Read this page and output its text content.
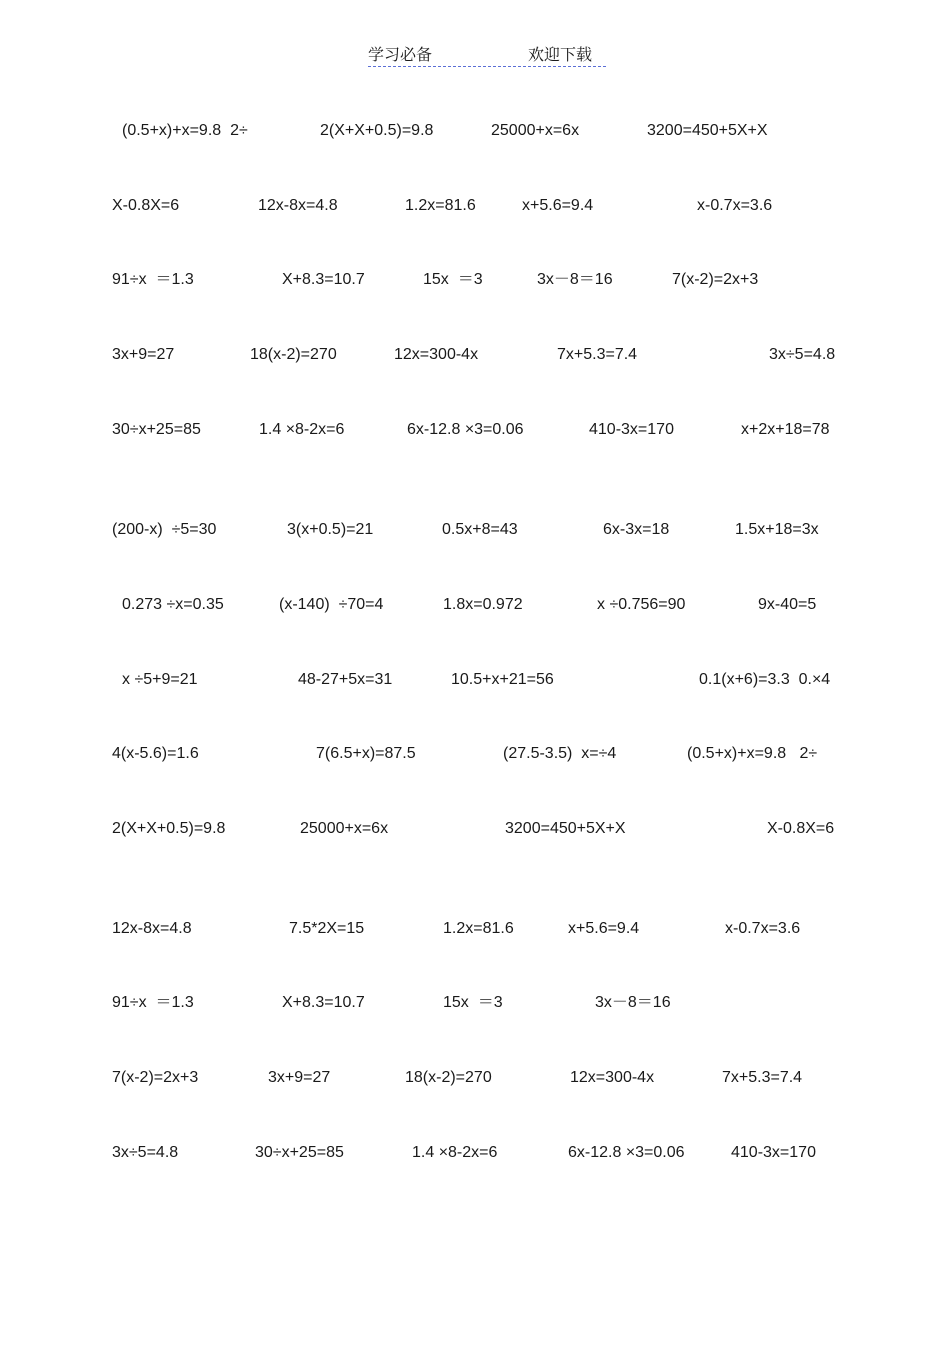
学习必备	欢迎下载
(0.5+x)+x=9.8  2÷	2(X+X+0.5)=9.8	25000+x=6x	3200=450+5X+X
X-0.8X=6	12x-8x=4.8	1.2x=81.6	x+5.6=9.4	x-0.7x=3.6
91÷x  ＝1.3	X+8.3=10.7	15x  ＝3	3x－8＝16	7(x-2)=2x+3
3x+9=27	18(x-2)=270	12x=300-4x	7x+5.3=7.4	3x÷5=4.8
30÷x+25=85	1.4 ×8-2x=6	6x-12.8 ×3=0.06	410-3x=170	x+2x+18=78
(200-x)  ÷5=30	3(x+0.5)=21	0.5x+8=43	6x-3x=18	1.5x+18=3x
0.273 ÷x=0.35	(x-140)  ÷70=4	1.8x=0.972	x ÷0.756=90	9x-40=5
x ÷5+9=21	48-27+5x=31	10.5+x+21=56	0.1(x+6)=3.3  0.×4
4(x-5.6)=1.6	7(6.5+x)=87.5	(27.5-3.5)  x=÷4	(0.5+x)+x=9.8   2÷
2(X+X+0.5)=9.8	25000+x=6x	3200=450+5X+X	X-0.8X=6
12x-8x=4.8	7.5*2X=15	1.2x=81.6	x+5.6=9.4	x-0.7x=3.6
91÷x  ＝1.3	X+8.3=10.7	15x  ＝3	3x－8＝16
7(x-2)=2x+3	3x+9=27	18(x-2)=270	12x=300-4x	7x+5.3=7.4
3x÷5=4.8	30÷x+25=85	1.4 ×8-2x=6	6x-12.8 ×3=0.06	410-3x=170
